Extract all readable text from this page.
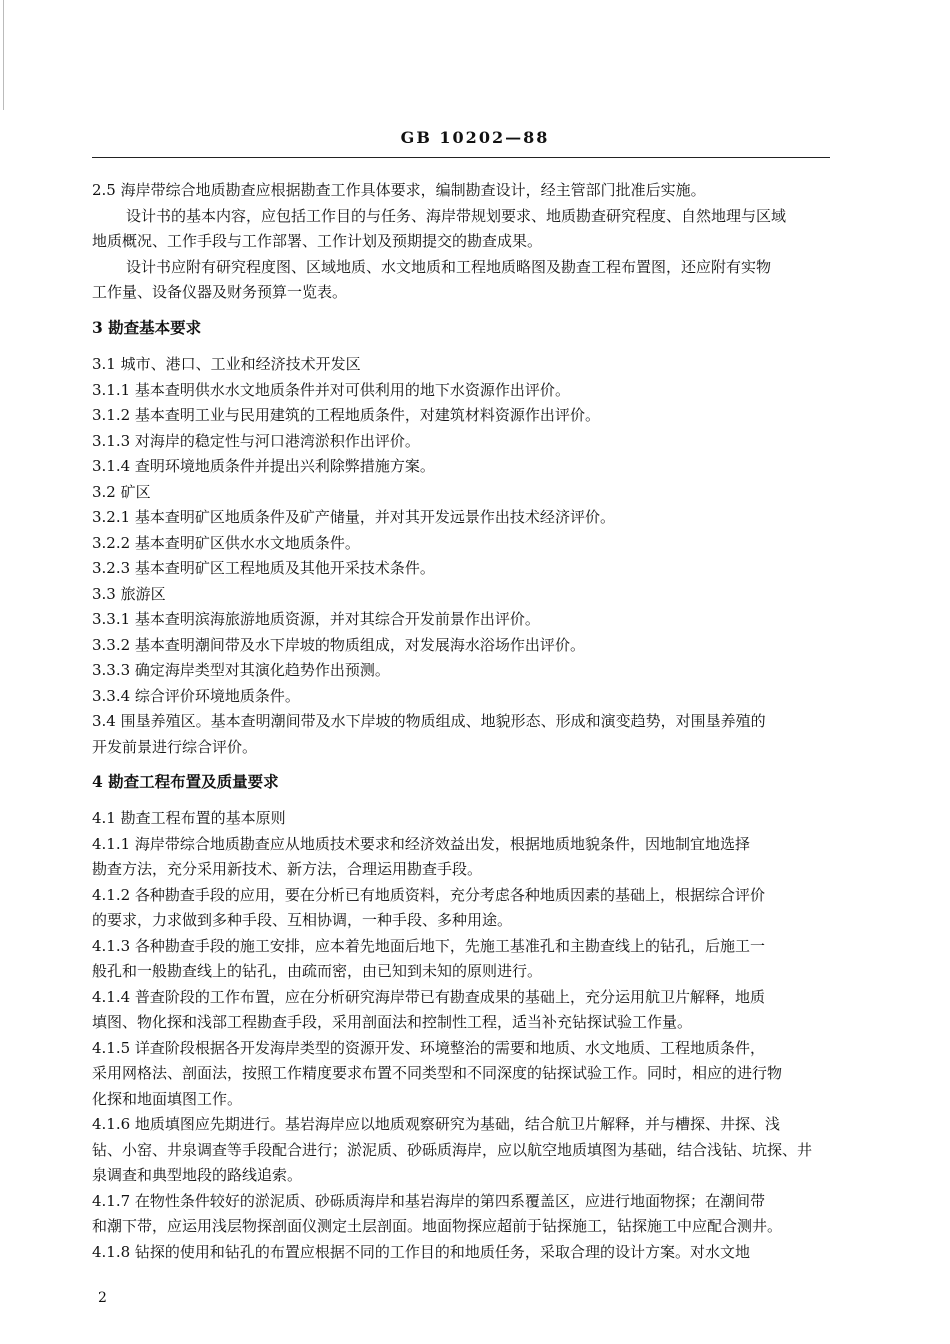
GB 10202—88
2.5 海岸带综合地质勘查应根据勘查工作具体要求，编制勘查设计，经主管部门批准后实施。
设计书的基本内容，应包括工作目的与任务、海岸带规划要求、地质勘查研究程度、自然地理与区域
地质概况、工作手段与工作部署、工作计划及预期提交的勘查成果。
设计书应附有研究程度图、区域地质、水文地质和工程地质略图及勘查工程布置图，还应附有实物
工作量、设备仪器及财务预算一览表。
3 勘查基本要求
3.1 城市、港口、工业和经济技术开发区
3.1.1 基本查明供水水文地质条件并对可供利用的地下水资源作出评价。
3.1.2 基本查明工业与民用建筑的工程地质条件，对建筑材料资源作出评价。
3.1.3 对海岸的稳定性与河口港湾淤积作出评价。
3.1.4 查明环境地质条件并提出兴利除弊措施方案。
3.2 矿区
3.2.1 基本查明矿区地质条件及矿产储量，并对其开发远景作出技术经济评价。
3.2.2 基本查明矿区供水水文地质条件。
3.2.3 基本查明矿区工程地质及其他开采技术条件。
3.3 旅游区
3.3.1 基本查明滨海旅游地质资源，并对其综合开发前景作出评价。
3.3.2 基本查明潮间带及水下岸坡的物质组成，对发展海水浴场作出评价。
3.3.3 确定海岸类型对其演化趋势作出预测。
3.3.4 综合评价环境地质条件。
3.4 围垦养殖区。基本查明潮间带及水下岸坡的物质组成、地貌形态、形成和演变趋势，对围垦养殖的
开发前景进行综合评价。
4 勘查工程布置及质量要求
4.1 勘查工程布置的基本原则
4.1.1 海岸带综合地质勘查应从地质技术要求和经济效益出发，根据地质地貌条件，因地制宜地选择
勘查方法，充分采用新技术、新方法，合理运用勘查手段。
4.1.2 各种勘查手段的应用，要在分析已有地质资料，充分考虑各种地质因素的基础上，根据综合评价
的要求，力求做到多种手段、互相协调，一种手段、多种用途。
4.1.3 各种勘查手段的施工安排，应本着先地面后地下，先施工基准孔和主勘查线上的钻孔，后施工一
般孔和一般勘查线上的钻孔，由疏而密，由已知到未知的原则进行。
4.1.4 普查阶段的工作布置，应在分析研究海岸带已有勘查成果的基础上，充分运用航卫片解释，地质
填图、物化探和浅部工程勘查手段，采用剖面法和控制性工程，适当补充钻探试验工作量。
4.1.5 详查阶段根据各开发海岸类型的资源开发、环境整治的需要和地质、水文地质、工程地质条件，
采用网格法、剖面法，按照工作精度要求布置不同类型和不同深度的钻探试验工作。同时，相应的进行物
化探和地面填图工作。
4.1.6 地质填图应先期进行。基岩海岸应以地质观察研究为基础，结合航卫片解释，并与槽探、井探、浅
钻、小窑、井泉调查等手段配合进行；淤泥质、砂砾质海岸，应以航空地质填图为基础，结合浅钻、坑探、井
泉调查和典型地段的路线追索。
4.1.7 在物性条件较好的淤泥质、砂砾质海岸和基岩海岸的第四系覆盖区，应进行地面物探；在潮间带
和潮下带，应运用浅层物探剖面仪测定土层剖面。地面物探应超前于钻探施工，钻探施工中应配合测井。
4.1.8 钻探的使用和钻孔的布置应根据不同的工作目的和地质任务，采取合理的设计方案。对水文地
2
